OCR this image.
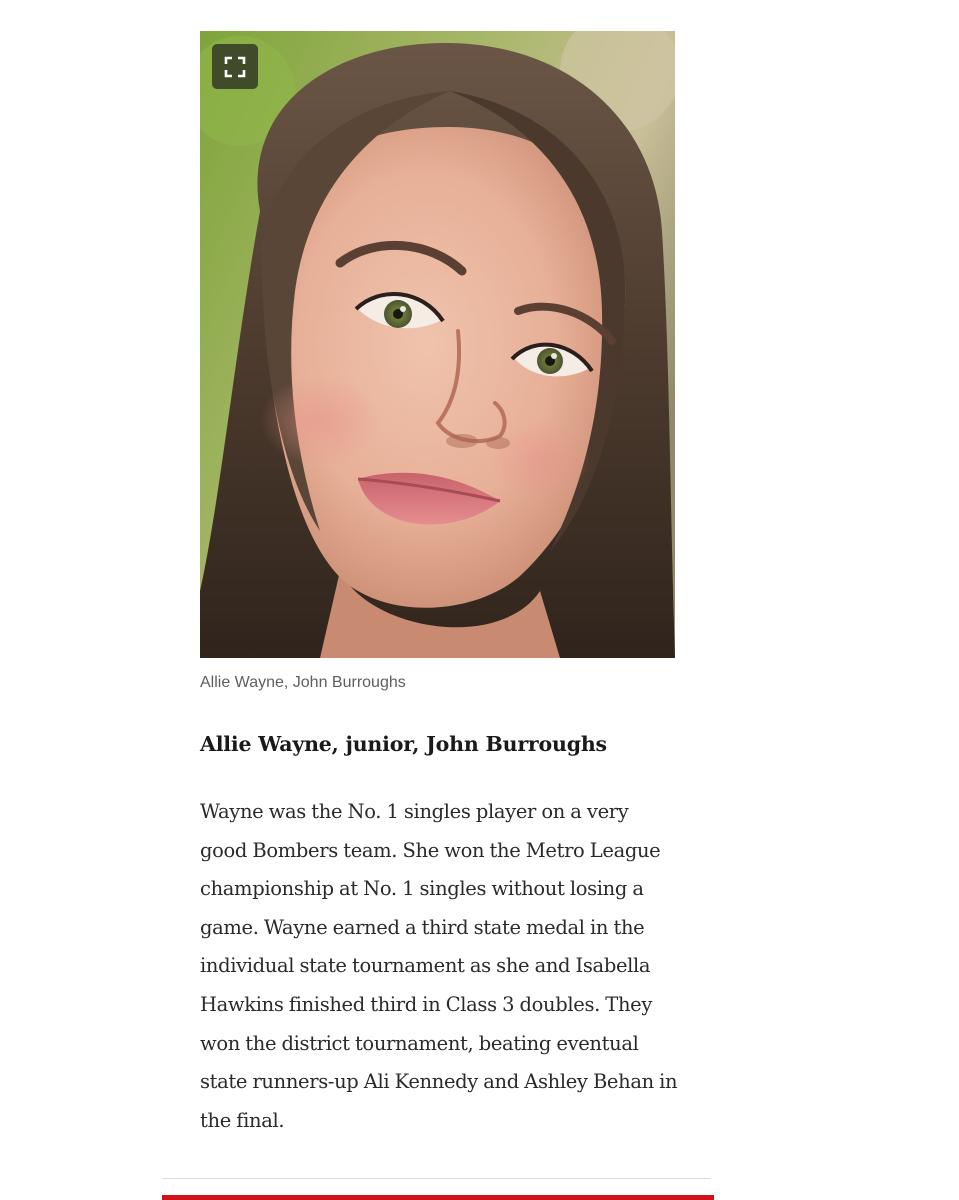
Allie Wayne, John Burroughs
Allie Wayne, junior, John Burroughs

Wayne was the No. 1 singles player on a very good Bombers team. She won the Metro League championship at No. 1 singles without losing a game. Wayne earned a third state medal in the individual state tournament as she and Isabella Hawkins finished third in Class 3 doubles. They won the district tournament, beating eventual state runners-up Ali Kennedy and Ashley Behan in the final.
